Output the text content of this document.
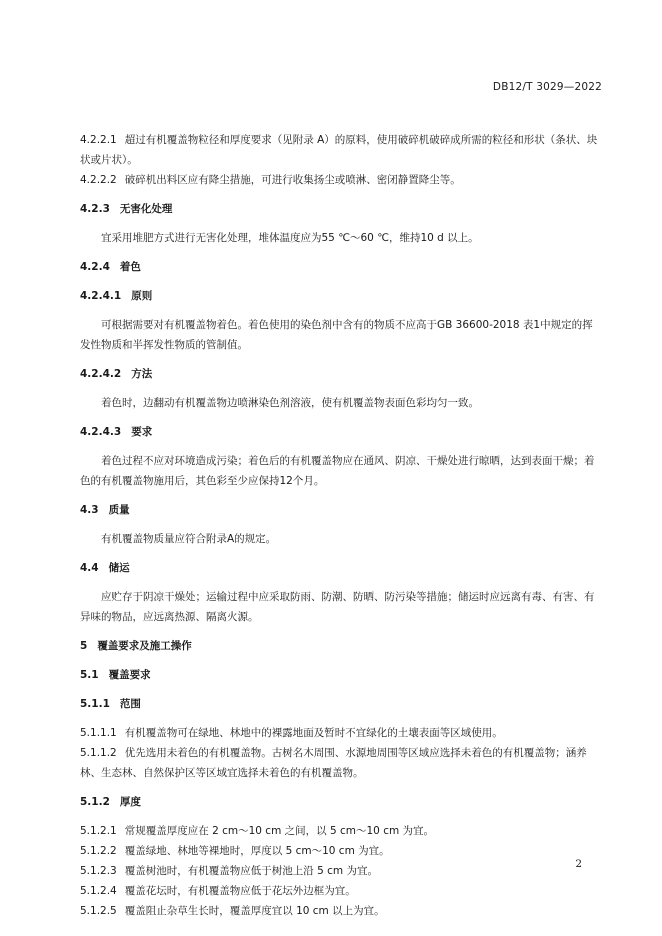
DB12/T 3029—2022

4.2.2.1 超过有机覆盖物粒径和厚度要求（见附录 A）的原料，使用破碎机破碎成所需的粒径和形状（条状、块状或片状）。

4.2.2.2 破碎机出料区应有降尘措施，可进行收集扬尘或喷淋、密闭静置降尘等。

4.2.3 无害化处理

宜采用堆肥方式进行无害化处理，堆体温度应为55 ℃～60 ℃，维持10 d 以上。

4.2.4 着色

4.2.4.1 原则

可根据需要对有机覆盖物着色。着色使用的染色剂中含有的物质不应高于GB 36600-2018 表1中规定的挥发性物质和半挥发性物质的管制值。

4.2.4.2 方法

着色时，边翻动有机覆盖物边喷淋染色剂溶液，使有机覆盖物表面色彩均匀一致。

4.2.4.3 要求

着色过程不应对环境造成污染；着色后的有机覆盖物应在通风、阴凉、干燥处进行晾晒，达到表面干燥；着色的有机覆盖物施用后，其色彩至少应保持12个月。

4.3 质量

有机覆盖物质量应符合附录A的规定。

4.4 储运

应贮存于阴凉干燥处；运输过程中应采取防雨、防潮、防晒、防污染等措施；储运时应远离有毒、有害、有异味的物品，应远离热源、隔离火源。

5 覆盖要求及施工操作

5.1 覆盖要求

5.1.1 范围

5.1.1.1 有机覆盖物可在绿地、林地中的裸露地面及暂时不宜绿化的土壤表面等区域使用。

5.1.1.2 优先选用未着色的有机覆盖物。古树名木周围、水源地周围等区域应选择未着色的有机覆盖物；涵养林、生态林、自然保护区等区域宜选择未着色的有机覆盖物。

5.1.2 厚度

5.1.2.1 常规覆盖厚度应在 2 cm～10 cm 之间，以 5 cm～10 cm 为宜。

5.1.2.2 覆盖绿地、林地等裸地时，厚度以 5 cm～10 cm 为宜。

5.1.2.3 覆盖树池时，有机覆盖物应低于树池上沿 5 cm 为宜。

5.1.2.4 覆盖花坛时，有机覆盖物应低于花坛外边框为宜。

5.1.2.5 覆盖阻止杂草生长时，覆盖厚度宜以 10 cm 以上为宜。

2
